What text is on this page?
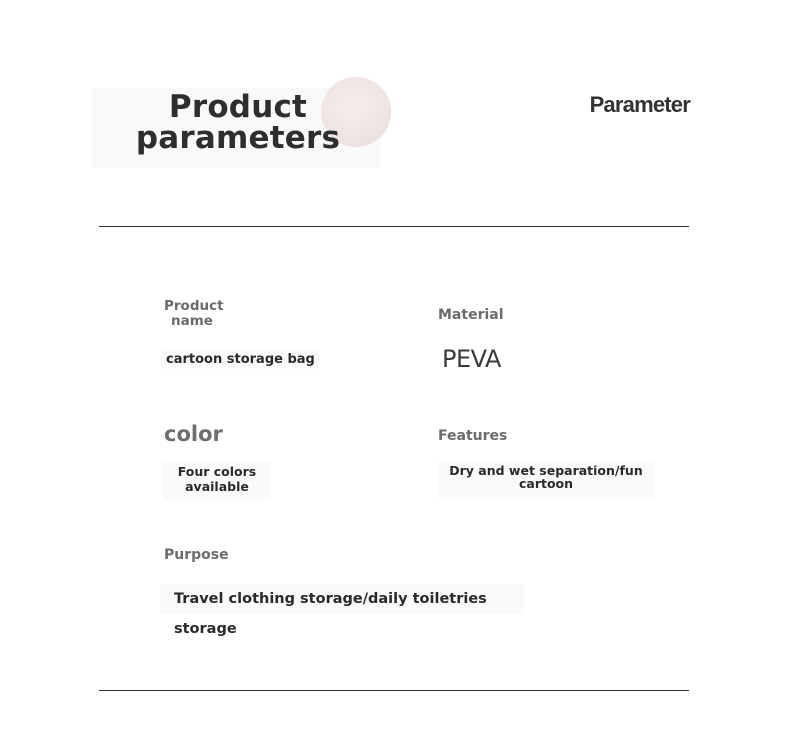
Product
parameters
Parameter
Product
name
cartoon storage bag
Material
PEVA
color
Four colors available
Features
Dry and wet separation/fun cartoon
Purpose
Travel clothing storage/daily toiletries storage
